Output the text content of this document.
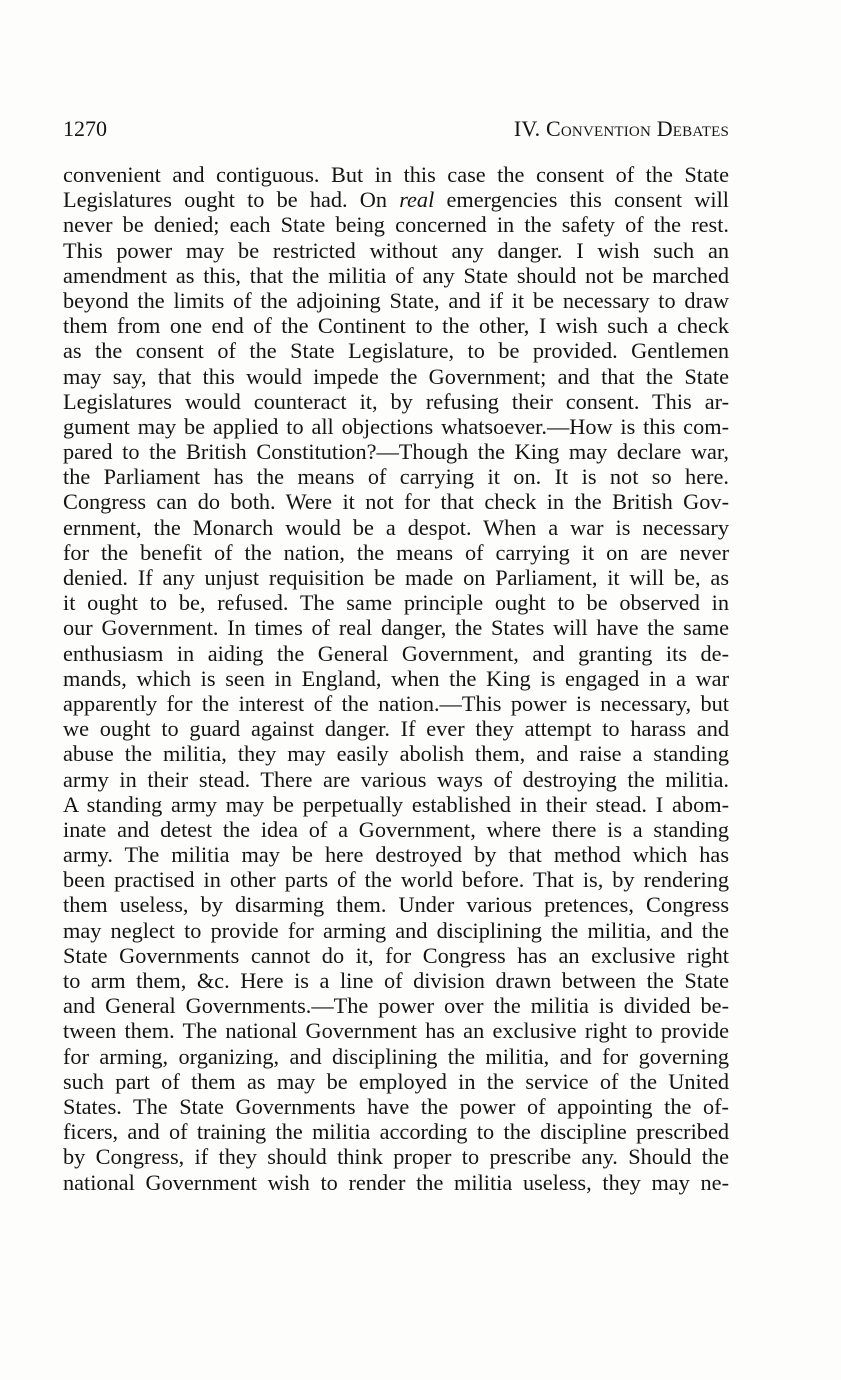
1270	IV. Convention Debates
convenient and contiguous. But in this case the consent of the State
Legislatures ought to be had. On real emergencies this consent will
never be denied; each State being concerned in the safety of the rest.
This power may be restricted without any danger. I wish such an
amendment as this, that the militia of any State should not be marched
beyond the limits of the adjoining State, and if it be necessary to draw
them from one end of the Continent to the other, I wish such a check
as the consent of the State Legislature, to be provided. Gentlemen
may say, that this would impede the Government; and that the State
Legislatures would counteract it, by refusing their consent. This ar-
gument may be applied to all objections whatsoever.—How is this com-
pared to the British Constitution?—Though the King may declare war,
the Parliament has the means of carrying it on. It is not so here.
Congress can do both. Were it not for that check in the British Gov-
ernment, the Monarch would be a despot. When a war is necessary
for the benefit of the nation, the means of carrying it on are never
denied. If any unjust requisition be made on Parliament, it will be, as
it ought to be, refused. The same principle ought to be observed in
our Government. In times of real danger, the States will have the same
enthusiasm in aiding the General Government, and granting its de-
mands, which is seen in England, when the King is engaged in a war
apparently for the interest of the nation.—This power is necessary, but
we ought to guard against danger. If ever they attempt to harass and
abuse the militia, they may easily abolish them, and raise a standing
army in their stead. There are various ways of destroying the militia.
A standing army may be perpetually established in their stead. I abom-
inate and detest the idea of a Government, where there is a standing
army. The militia may be here destroyed by that method which has
been practised in other parts of the world before. That is, by rendering
them useless, by disarming them. Under various pretences, Congress
may neglect to provide for arming and disciplining the militia, and the
State Governments cannot do it, for Congress has an exclusive right
to arm them, &c. Here is a line of division drawn between the State
and General Governments.—The power over the militia is divided be-
tween them. The national Government has an exclusive right to provide
for arming, organizing, and disciplining the militia, and for governing
such part of them as may be employed in the service of the United
States. The State Governments have the power of appointing the of-
ficers, and of training the militia according to the discipline prescribed
by Congress, if they should think proper to prescribe any. Should the
national Government wish to render the militia useless, they may ne-
